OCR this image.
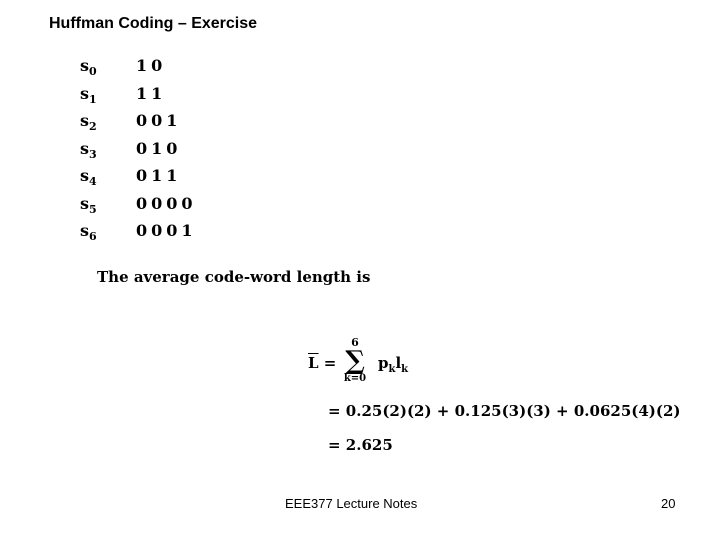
Huffman Coding – Exercise
$s_0$	10
$s_1$	11
$s_2$	001
$s_3$	010
$s_4$	011
$s_5$	0000
$s_6$	0001
The average code-word length is
$\overline{L}$ =
6
∑
k=0
$p_kl_k$
= 0.25(2)(2) + 0.125(3)(3) + 0.0625(4)(2)
= 2.625
EEE377 Lecture Notes	20
